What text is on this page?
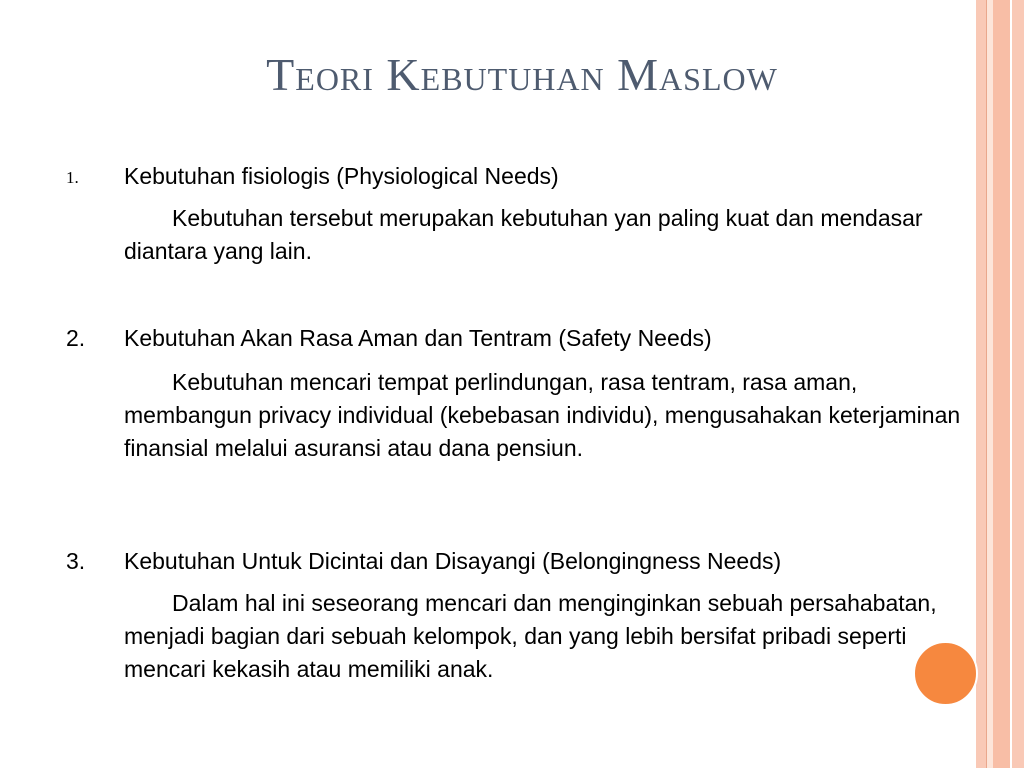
Teori Kebutuhan Maslow
1. Kebutuhan fisiologis (Physiological Needs)
Kebutuhan tersebut merupakan kebutuhan yan paling kuat dan mendasar diantara yang lain.
2. Kebutuhan Akan Rasa Aman dan Tentram (Safety Needs)
Kebutuhan mencari tempat perlindungan, rasa tentram, rasa aman, membangun privacy individual (kebebasan individu), mengusahakan keterjaminan finansial melalui asuransi atau dana pensiun.
3. Kebutuhan Untuk Dicintai dan Disayangi (Belongingness Needs)
Dalam hal ini seseorang mencari dan menginginkan sebuah persahabatan, menjadi bagian dari sebuah kelompok, dan yang lebih bersifat pribadi seperti mencari kekasih atau memiliki anak.
